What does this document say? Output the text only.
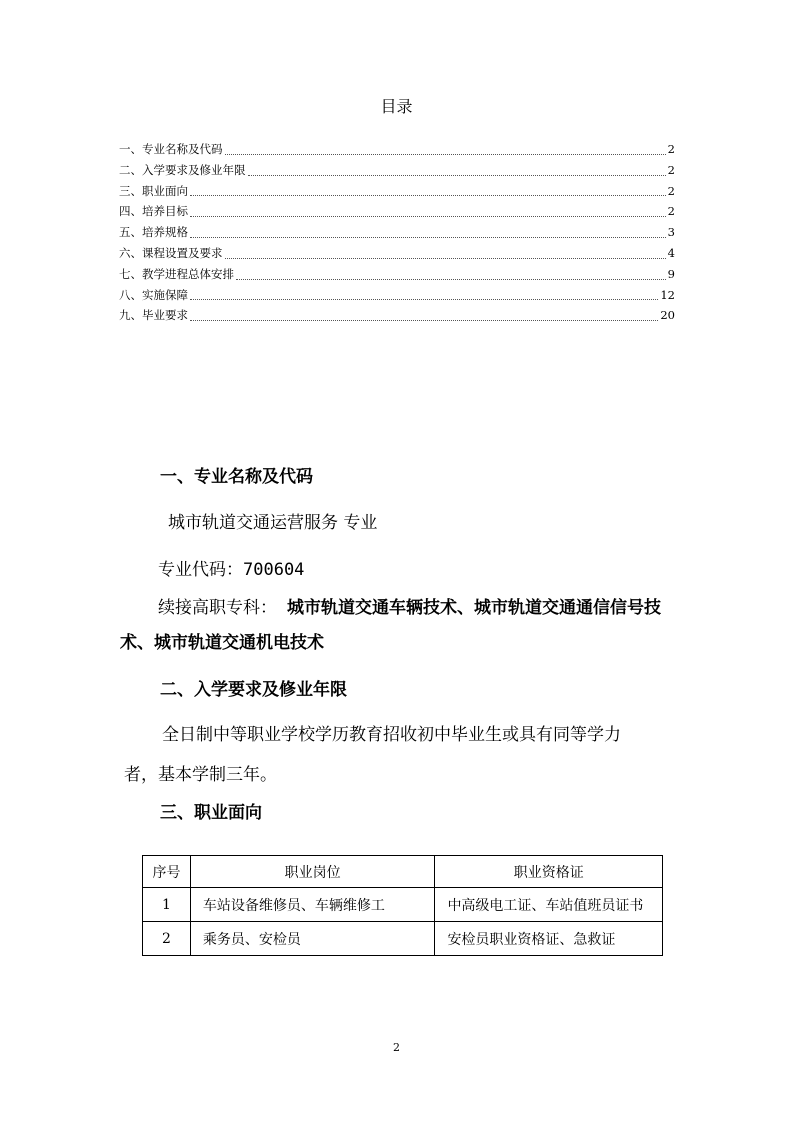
目录
一、专业名称及代码	2
二、入学要求及修业年限	2
三、职业面向	2
四、培养目标	2
五、培养规格	3
六、课程设置及要求	4
七、教学进程总体安排	9
八、实施保障	12
九、毕业要求	20
一、专业名称及代码
城市轨道交通运营服务 专业
专业代码：700604
续接高职专科： 城市轨道交通车辆技术、城市轨道交通通信信号技
术、城市轨道交通机电技术
二、入学要求及修业年限
全日制中等职业学校学历教育招收初中毕业生或具有同等学力
者，基本学制三年。
三、职业面向
序号	职业岗位	职业资格证
1	车站设备维修员、车辆维修工	中高级电工证、车站值班员证书
2	乘务员、安检员	安检员职业资格证、急救证
2
